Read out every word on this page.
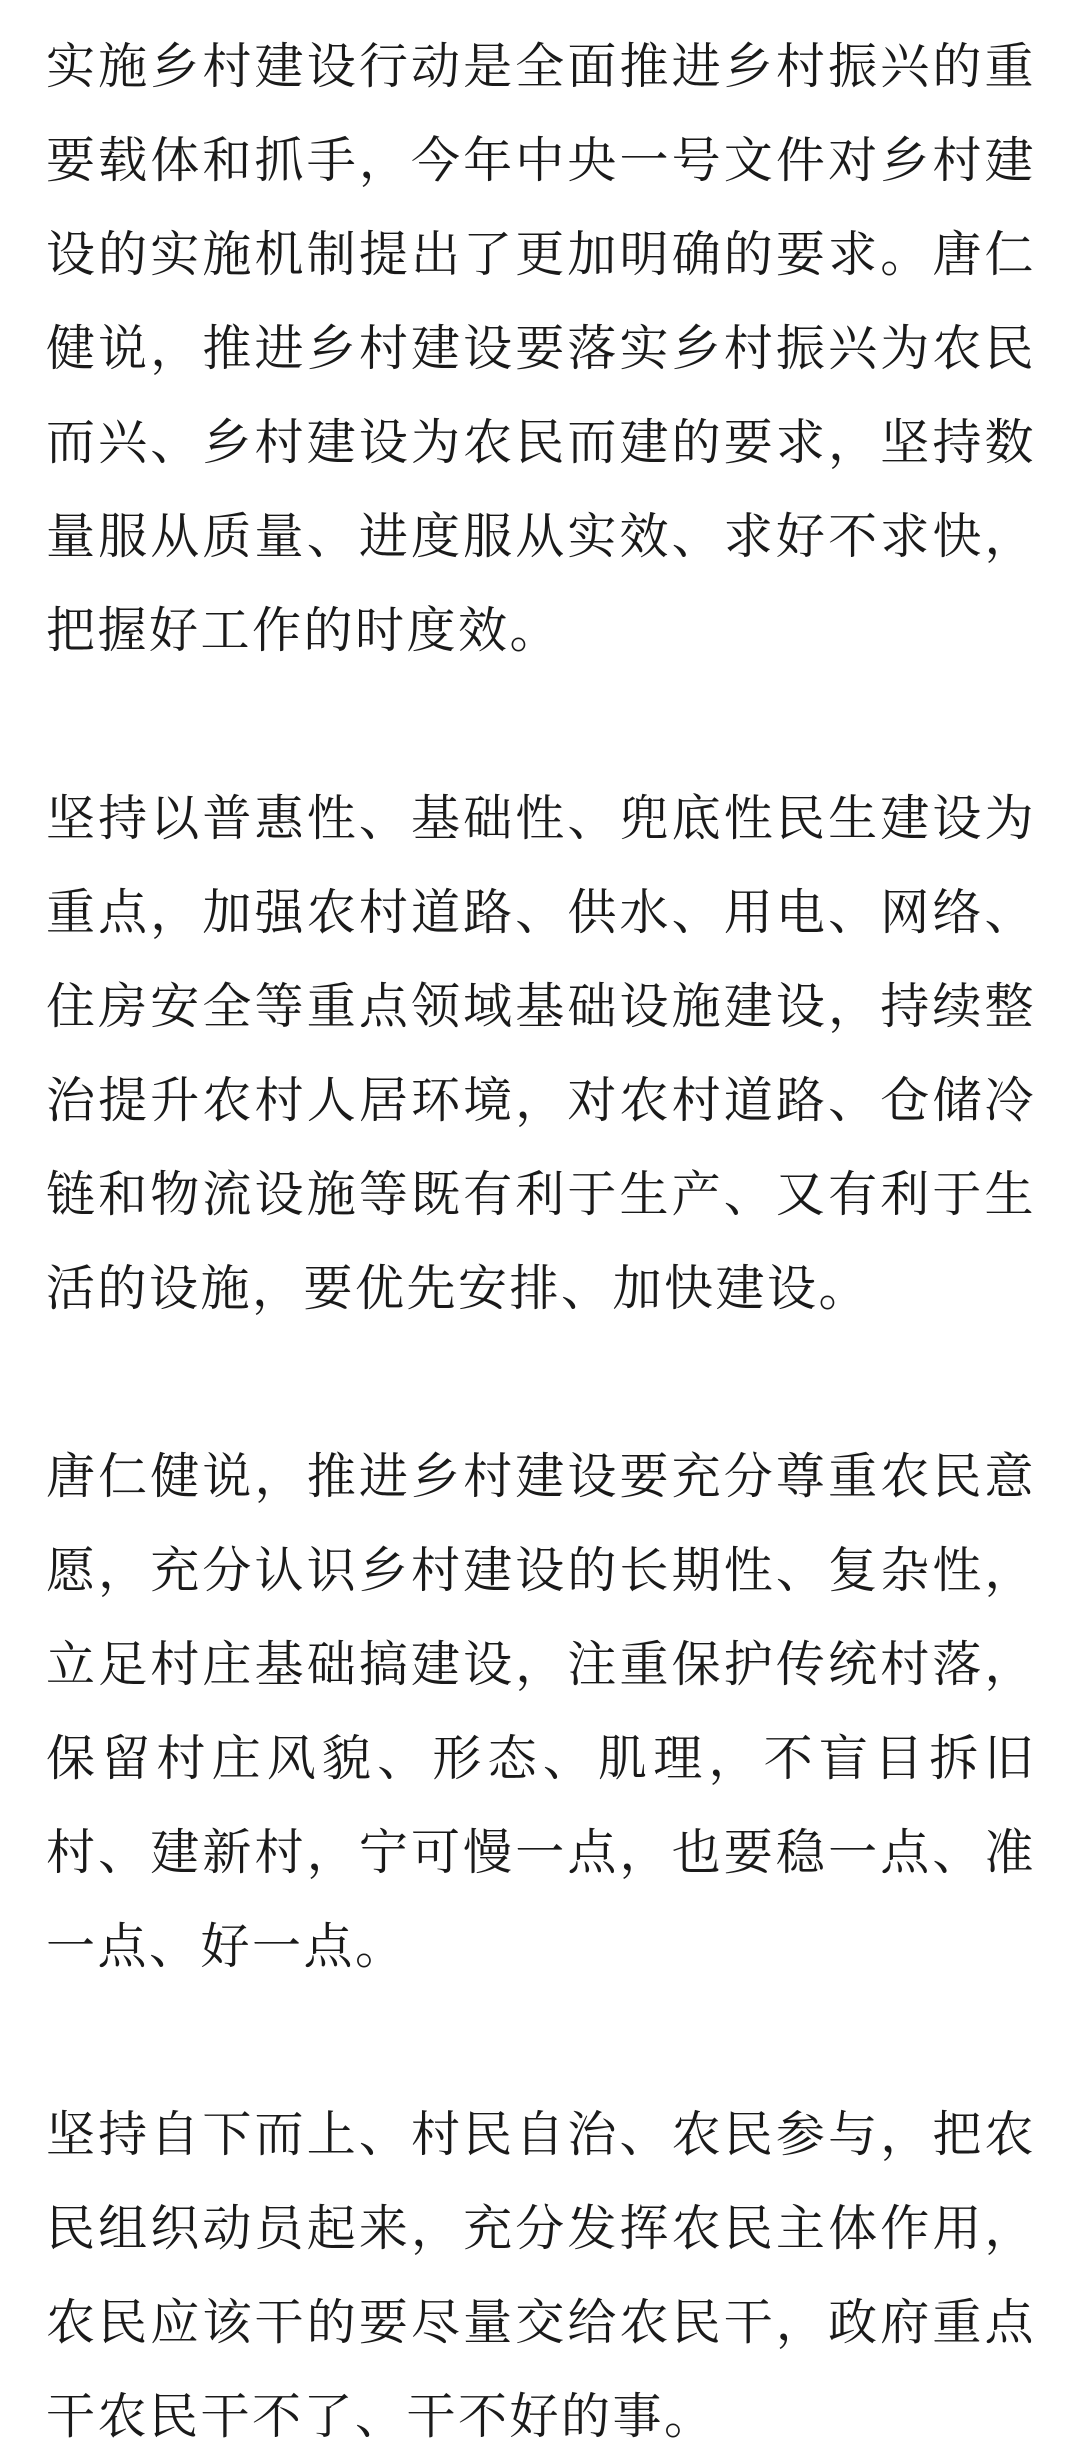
实施乡村建设行动是全面推进乡村振兴的重要载体和抓手，今年中央一号文件对乡村建设的实施机制提出了更加明确的要求。唐仁健说，推进乡村建设要落实乡村振兴为农民而兴、乡村建设为农民而建的要求，坚持数量服从质量、进度服从实效、求好不求快，把握好工作的时度效。

坚持以普惠性、基础性、兜底性民生建设为重点，加强农村道路、供水、用电、网络、住房安全等重点领域基础设施建设，持续整治提升农村人居环境，对农村道路、仓储冷链和物流设施等既有利于生产、又有利于生活的设施，要优先安排、加快建设。

唐仁健说，推进乡村建设要充分尊重农民意愿，充分认识乡村建设的长期性、复杂性，立足村庄基础搞建设，注重保护传统村落，保留村庄风貌、形态、肌理，不盲目拆旧村、建新村，宁可慢一点，也要稳一点、准一点、好一点。

坚持自下而上、村民自治、农民参与，把农民组织动员起来，充分发挥农民主体作用，农民应该干的要尽量交给农民干，政府重点干农民干不了、干不好的事。
